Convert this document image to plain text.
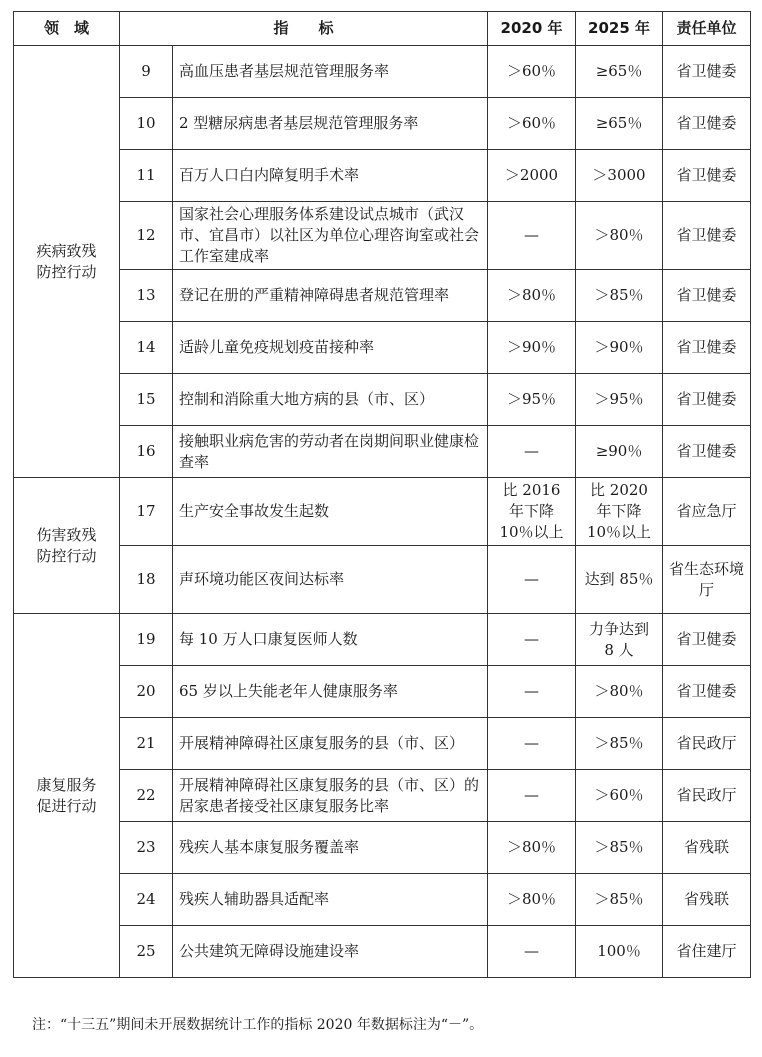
领　域	指　　标		2020 年	2025 年	责任单位

疾病致残
防控行动	9	高血压患者基层规范管理服务率	＞60％	≥65％	省卫健委
	10	2 型糖尿病患者基层规范管理服务率	＞60％	≥65％	省卫健委
	11	百万人口白内障复明手术率	＞2000	＞3000	省卫健委
	12	国家社会心理服务体系建设试点城市（武汉市、宜昌市）以社区为单位心理咨询室或社会工作室建成率	—	＞80％	省卫健委
	13	登记在册的严重精神障碍患者规范管理率	＞80％	＞85％	省卫健委
	14	适龄儿童免疫规划疫苗接种率	＞90％	＞90％	省卫健委
	15	控制和消除重大地方病的县（市、区）	＞95％	＞95％	省卫健委
	16	接触职业病危害的劳动者在岗期间职业健康检查率	—	≥90％	省卫健委

伤害致残
防控行动	17	生产安全事故发生起数	比 2016 年下降 10％以上	比 2020 年下降 10％以上	省应急厅
	18	声环境功能区夜间达标率	—	达到 85％	省生态环境厅

康复服务
促进行动	19	每 10 万人口康复医师人数	—	力争达到 8 人	省卫健委
	20	65 岁以上失能老年人健康服务率	—	＞80％	省卫健委
	21	开展精神障碍社区康复服务的县（市、区）	—	＞85％	省民政厅
	22	开展精神障碍社区康复服务的县（市、区）的居家患者接受社区康复服务比率	—	＞60％	省民政厅
	23	残疾人基本康复服务覆盖率	＞80％	＞85％	省残联
	24	残疾人辅助器具适配率	＞80％	＞85％	省残联
	25	公共建筑无障碍设施建设率	—	100％	省住建厅
注：“十三五”期间未开展数据统计工作的指标 2020 年数据标注为“－”。
